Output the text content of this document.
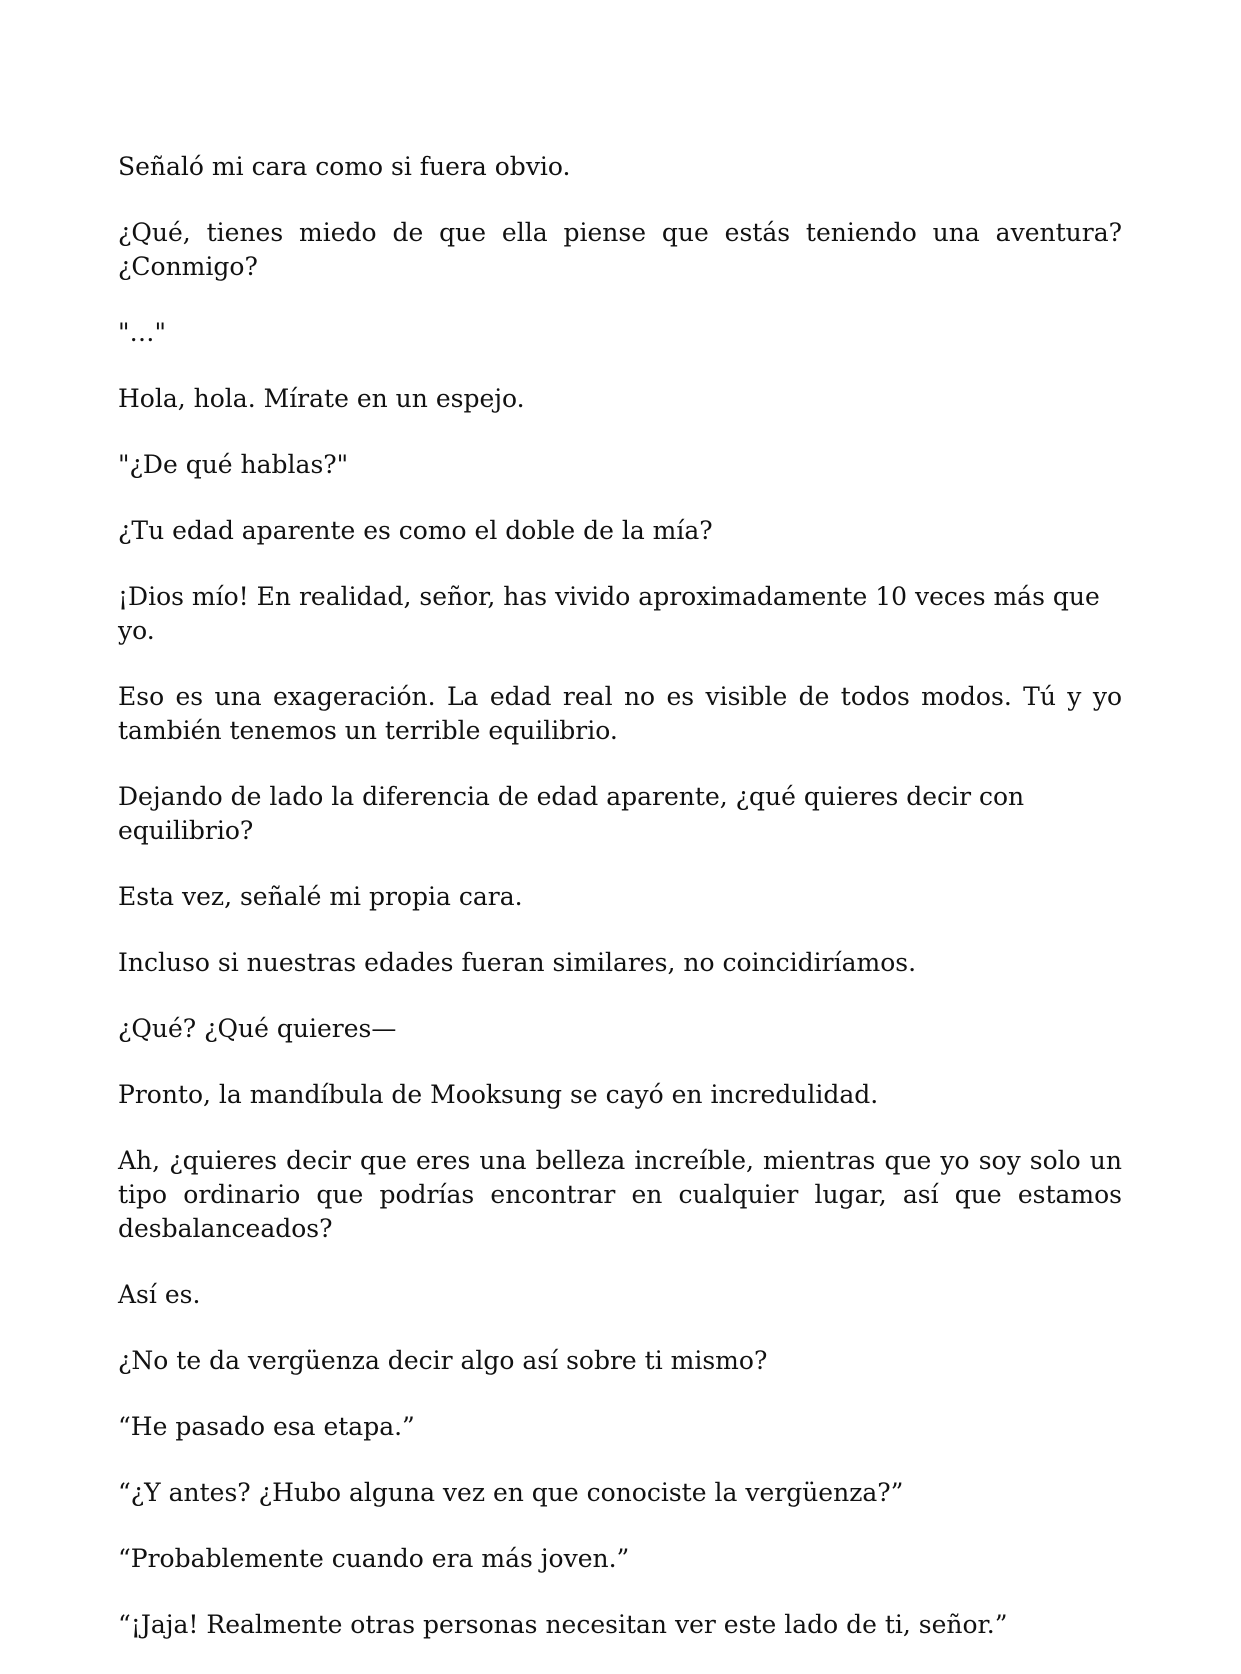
Señaló mi cara como si fuera obvio.

¿Qué, tienes miedo de que ella piense que estás teniendo una aventura? ¿Conmigo?

"…"

Hola, hola. Mírate en un espejo.

"¿De qué hablas?"

¿Tu edad aparente es como el doble de la mía?

¡Dios mío! En realidad, señor, has vivido aproximadamente 10 veces más que yo.

Eso es una exageración. La edad real no es visible de todos modos. Tú y yo también tenemos un terrible equilibrio.

Dejando de lado la diferencia de edad aparente, ¿qué quieres decir con equilibrio?

Esta vez, señalé mi propia cara.

Incluso si nuestras edades fueran similares, no coincidiríamos.

¿Qué? ¿Qué quieres—

Pronto, la mandíbula de Mooksung se cayó en incredulidad.

Ah, ¿quieres decir que eres una belleza increíble, mientras que yo soy solo un tipo ordinario que podrías encontrar en cualquier lugar, así que estamos desbalanceados?

Así es.

¿No te da vergüenza decir algo así sobre ti mismo?

“He pasado esa etapa.”

“¿Y antes? ¿Hubo alguna vez en que conociste la vergüenza?”

“Probablemente cuando era más joven.”

“¡Jaja! Realmente otras personas necesitan ver este lado de ti, señor.”
